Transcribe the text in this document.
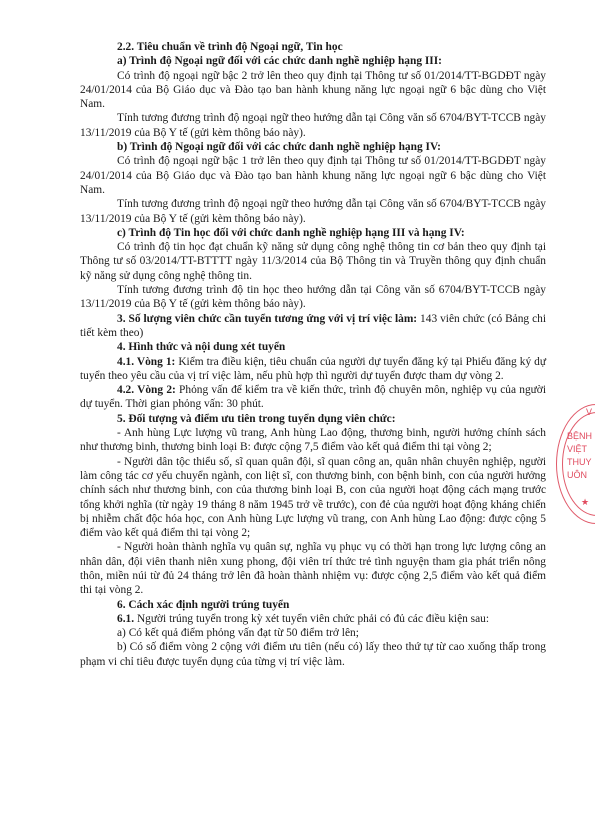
2.2. Tiêu chuẩn về trình độ Ngoại ngữ, Tin học

a) Trình độ Ngoại ngữ đối với các chức danh nghề nghiệp hạng III:

Có trình độ ngoại ngữ bậc 2 trở lên theo quy định tại Thông tư số 01/2014/TT-BGDĐT ngày 24/01/2014 của Bộ Giáo dục và Đào tạo ban hành khung năng lực ngoại ngữ 6 bậc dùng cho Việt Nam.

Tính tương đương trình độ ngoại ngữ theo hướng dẫn tại Công văn số 6704/BYT-TCCB ngày 13/11/2019 của Bộ Y tế (gửi kèm thông báo này).

b) Trình độ Ngoại ngữ đối với các chức danh nghề nghiệp hạng IV:

Có trình độ ngoại ngữ bậc 1 trở lên theo quy định tại Thông tư số 01/2014/TT-BGDĐT ngày 24/01/2014 của Bộ Giáo dục và Đào tạo ban hành khung năng lực ngoại ngữ 6 bậc dùng cho Việt Nam.

Tính tương đương trình độ ngoại ngữ theo hướng dẫn tại Công văn số 6704/BYT-TCCB ngày 13/11/2019 của Bộ Y tế (gửi kèm thông báo này).

c) Trình độ Tin học đối với chức danh nghề nghiệp hạng III và hạng IV:

Có trình độ tin học đạt chuẩn kỹ năng sử dụng công nghệ thông tin cơ bản theo quy định tại Thông tư số 03/2014/TT-BTTTT ngày 11/3/2014 của Bộ Thông tin và Truyền thông quy định chuẩn kỹ năng sử dụng công nghệ thông tin.

Tính tương đương trình độ tin học theo hướng dẫn tại Công văn số 6704/BYT-TCCB ngày 13/11/2019 của Bộ Y tế (gửi kèm thông báo này).

3. Số lượng viên chức cần tuyển tương ứng với vị trí việc làm: 143 viên chức (có Bảng chi tiết kèm theo)

4. Hình thức và nội dung xét tuyển

4.1. Vòng 1: Kiểm tra điều kiện, tiêu chuẩn của người dự tuyển đăng ký tại Phiếu đăng ký dự tuyển theo yêu cầu của vị trí việc làm, nếu phù hợp thì người dự tuyển được tham dự vòng 2.

4.2. Vòng 2: Phỏng vấn để kiểm tra về kiến thức, trình độ chuyên môn, nghiệp vụ của người dự tuyển. Thời gian phỏng vấn: 30 phút.

5. Đối tượng và điểm ưu tiên trong tuyển dụng viên chức:

- Anh hùng Lực lượng vũ trang, Anh hùng Lao động, thương binh, người hưởng chính sách như thương binh, thương binh loại B: được cộng 7,5 điểm vào kết quả điểm thi tại vòng 2;

- Người dân tộc thiểu số, sĩ quan quân đội, sĩ quan công an, quân nhân chuyên nghiệp, người làm công tác cơ yếu chuyển ngành, con liệt sĩ, con thương binh, con bệnh binh, con của người hưởng chính sách như thương binh, con của thương binh loại B, con của người hoạt động cách mạng trước tổng khởi nghĩa (từ ngày 19 tháng 8 năm 1945 trở về trước), con đẻ của người hoạt động kháng chiến bị nhiễm chất độc hóa học, con Anh hùng Lực lượng vũ trang, con Anh hùng Lao động: được cộng 5 điểm vào kết quả điểm thi tại vòng 2;

- Người hoàn thành nghĩa vụ quân sự, nghĩa vụ phục vụ có thời hạn trong lực lượng công an nhân dân, đội viên thanh niên xung phong, đội viên trí thức trẻ tình nguyện tham gia phát triển nông thôn, miền núi từ đủ 24 tháng trở lên đã hoàn thành nhiệm vụ: được cộng 2,5 điểm vào kết quả điểm thi tại vòng 2.

6. Cách xác định người trúng tuyển

6.1. Người trúng tuyển trong kỳ xét tuyển viên chức phải có đủ các điều kiện sau:

a) Có kết quả điểm phỏng vấn đạt từ 50 điểm trở lên;

b) Có số điểm vòng 2 cộng với điểm ưu tiên (nếu có) lấy theo thứ tự từ cao xuống thấp trong phạm vi chỉ tiêu được tuyển dụng của từng vị trí việc làm.

V
BỆNH
VIỆT
THUY
UÔN
★
